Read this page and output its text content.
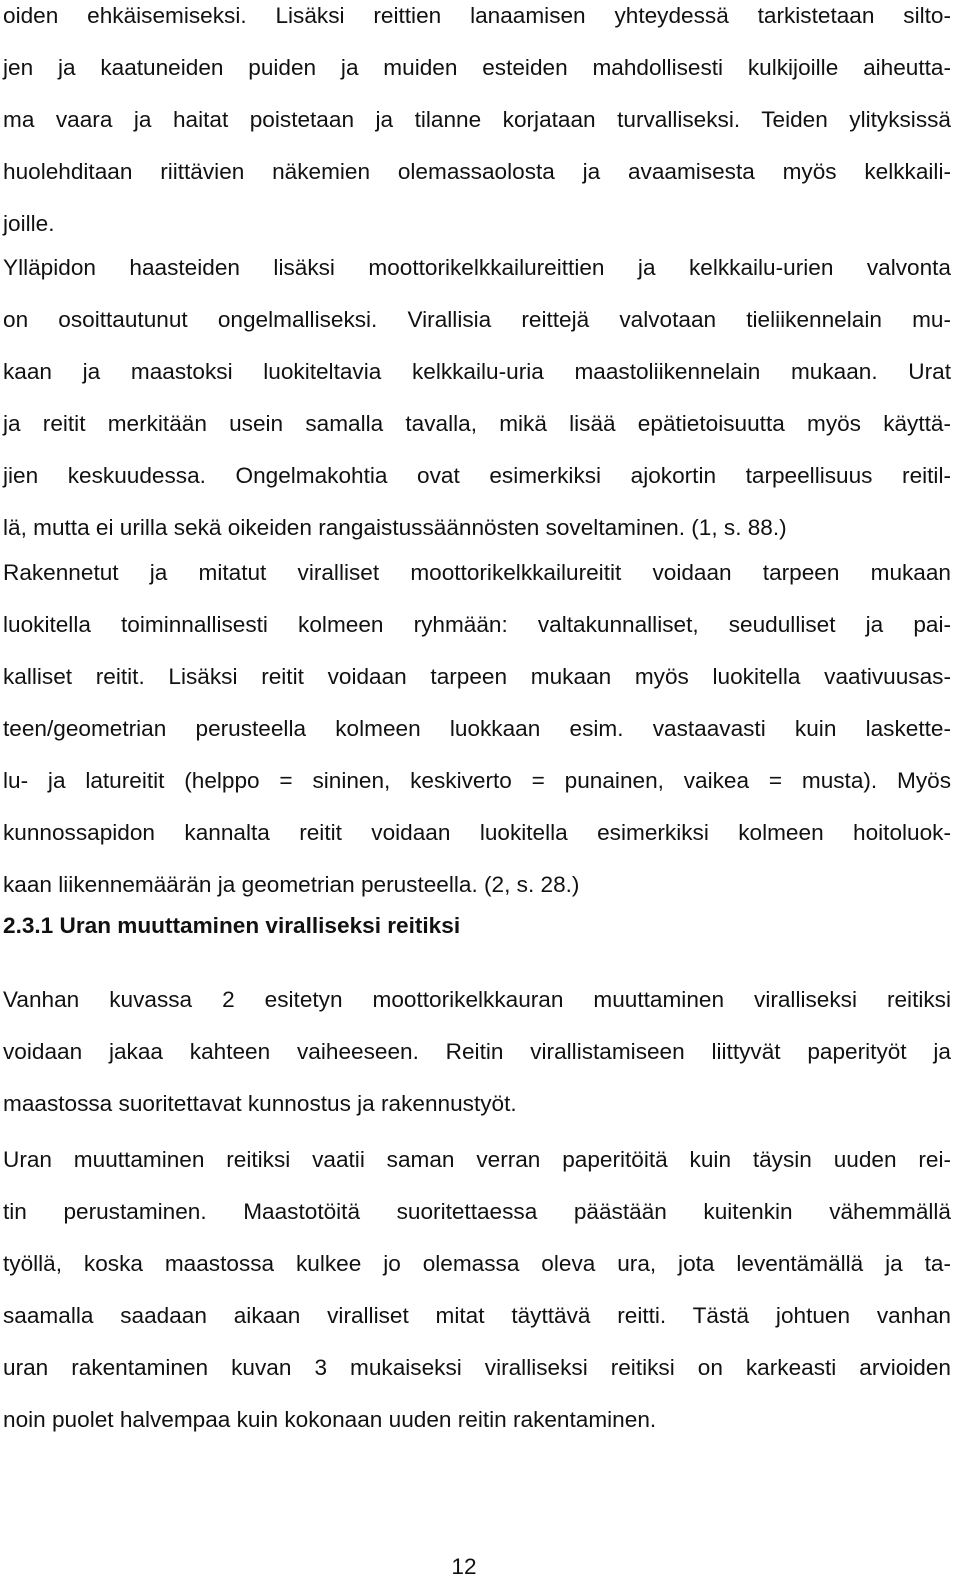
oiden ehkäisemiseksi. Lisäksi reittien lanaamisen yhteydessä tarkistetaan silto-
jen ja kaatuneiden puiden ja muiden esteiden mahdollisesti kulkijoille aiheutta-
ma vaara ja haitat poistetaan ja tilanne korjataan turvalliseksi. Teiden ylityksissä
huolehditaan riittävien näkemien olemassaolosta ja avaamisesta myös kelkkaili-
joille.
Ylläpidon haasteiden lisäksi moottorikelkkailureittien ja kelkkailu-urien valvonta
on osoittautunut ongelmalliseksi. Virallisia reittejä valvotaan tieliikennelain mu-
kaan ja maastoksi luokiteltavia kelkkailu-uria maastoliikennelain mukaan. Urat
ja reitit merkitään usein samalla tavalla, mikä lisää epätietoisuutta myös käyttä-
jien keskuudessa. Ongelmakohtia ovat esimerkiksi ajokortin tarpeellisuus reitil-
lä, mutta ei urilla sekä oikeiden rangaistussäännösten soveltaminen. (1, s. 88.)
Rakennetut ja mitatut viralliset moottorikelkkailureitit voidaan tarpeen mukaan
luokitella toiminnallisesti kolmeen ryhmään: valtakunnalliset, seudulliset ja pai-
kalliset reitit. Lisäksi reitit voidaan tarpeen mukaan myös luokitella vaativuusas-
teen/geometrian perusteella kolmeen luokkaan esim. vastaavasti kuin laskette-
lu- ja latureitit (helppo = sininen, keskiverto = punainen, vaikea = musta). Myös
kunnossapidon kannalta reitit voidaan luokitella esimerkiksi kolmeen hoitoluok-
kaan liikennemäärän ja geometrian perusteella. (2, s. 28.)
2.3.1 Uran muuttaminen viralliseksi reitiksi
Vanhan kuvassa 2 esitetyn moottorikelkkauran muuttaminen viralliseksi reitiksi
voidaan jakaa kahteen vaiheeseen. Reitin virallistamiseen liittyvät paperityöt ja
maastossa suoritettavat kunnostus ja rakennustyöt.
Uran muuttaminen reitiksi vaatii saman verran paperitöitä kuin täysin uuden rei-
tin perustaminen. Maastotöitä suoritettaessa päästään kuitenkin vähemmällä
työllä, koska maastossa kulkee jo olemassa oleva ura, jota leventämällä ja ta-
saamalla saadaan aikaan viralliset mitat täyttävä reitti. Tästä johtuen vanhan
uran rakentaminen kuvan 3 mukaiseksi viralliseksi reitiksi on karkeasti arvioiden
noin puolet halvempaa kuin kokonaan uuden reitin rakentaminen.
12
